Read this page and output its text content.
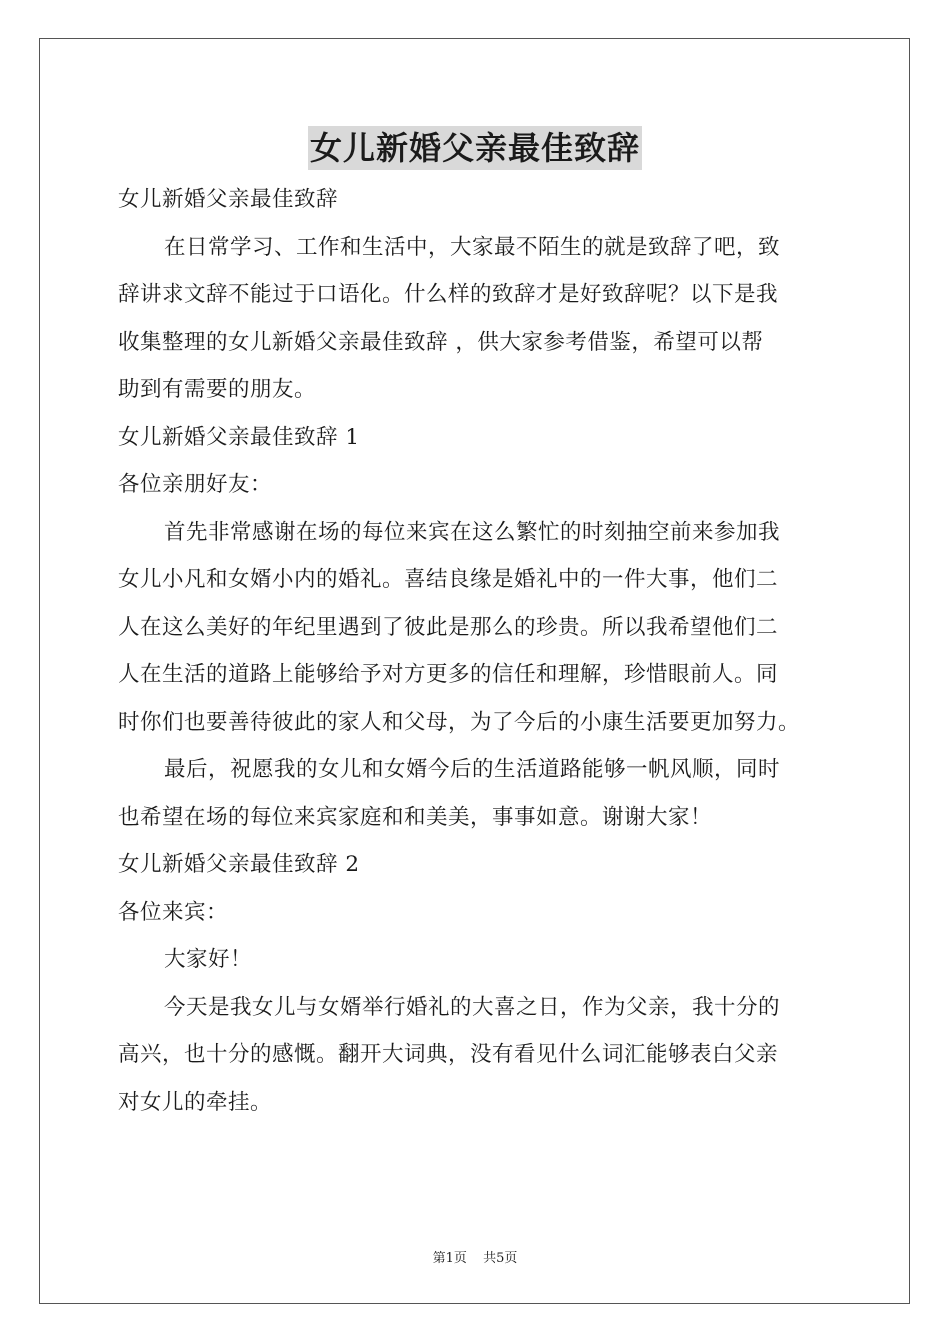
女儿新婚父亲最佳致辞

女儿新婚父亲最佳致辞

在日常学习、工作和生活中，大家最不陌生的就是致辞了吧，致

辞讲求文辞不能过于口语化。什么样的致辞才是好致辞呢？以下是我

收集整理的女儿新婚父亲最佳致辞 ，供大家参考借鉴，希望可以帮

助到有需要的朋友。

女儿新婚父亲最佳致辞 1

各位亲朋好友：

首先非常感谢在场的每位来宾在这么繁忙的时刻抽空前来参加我

女儿小凡和女婿小内的婚礼。喜结良缘是婚礼中的一件大事，他们二

人在这么美好的年纪里遇到了彼此是那么的珍贵。所以我希望他们二

人在生活的道路上能够给予对方更多的信任和理解，珍惜眼前人。同

时你们也要善待彼此的家人和父母，为了今后的小康生活要更加努力。

最后，祝愿我的女儿和女婿今后的生活道路能够一帆风顺，同时

也希望在场的每位来宾家庭和和美美，事事如意。谢谢大家！

女儿新婚父亲最佳致辞 2

各位来宾：

大家好！

今天是我女儿与女婿举行婚礼的大喜之日，作为父亲，我十分的

高兴，也十分的感慨。翻开大词典，没有看见什么词汇能够表白父亲

对女儿的牵挂。

第1页 共5页
